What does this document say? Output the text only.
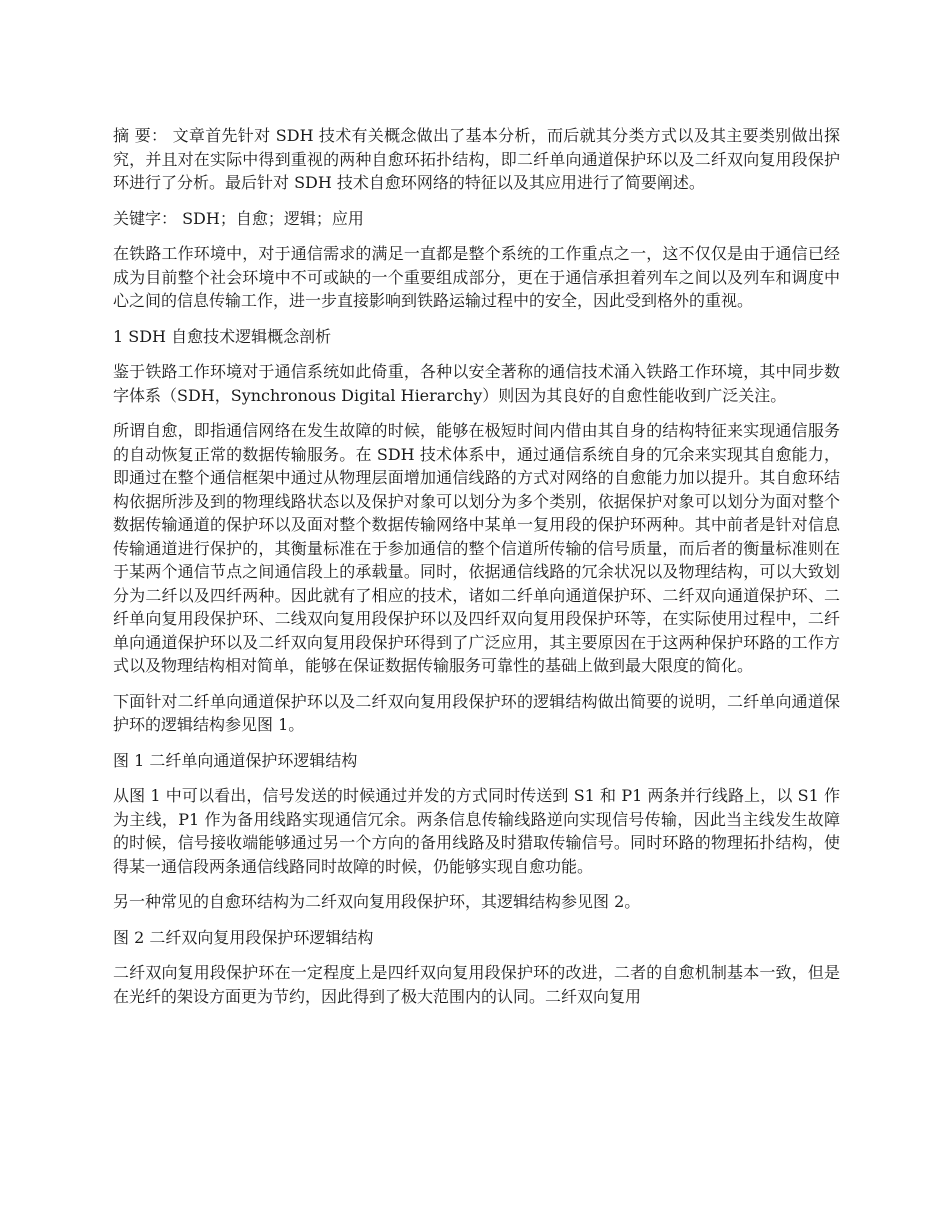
摘 要： 文章首先针对 SDH 技术有关概念做出了基本分析，而后就其分类方式以及其主要类别做出探究，并且对在实际中得到重视的两种自愈环拓扑结构，即二纤单向通道保护环以及二纤双向复用段保护环进行了分析。最后针对 SDH 技术自愈环网络的特征以及其应用进行了简要阐述。

关键字： SDH；自愈；逻辑；应用

在铁路工作环境中，对于通信需求的满足一直都是整个系统的工作重点之一，这不仅仅是由于通信已经成为目前整个社会环境中不可或缺的一个重要组成部分，更在于通信承担着列车之间以及列车和调度中心之间的信息传输工作，进一步直接影响到铁路运输过程中的安全，因此受到格外的重视。

1 SDH 自愈技术逻辑概念剖析

鉴于铁路工作环境对于通信系统如此倚重，各种以安全著称的通信技术涌入铁路工作环境，其中同步数字体系（SDH，Synchronous Digital Hierarchy）则因为其良好的自愈性能收到广泛关注。

所谓自愈，即指通信网络在发生故障的时候，能够在极短时间内借由其自身的结构特征来实现通信服务的自动恢复正常的数据传输服务。在 SDH 技术体系中，通过通信系统自身的冗余来实现其自愈能力，即通过在整个通信框架中通过从物理层面增加通信线路的方式对网络的自愈能力加以提升。其自愈环结构依据所涉及到的物理线路状态以及保护对象可以划分为多个类别，依据保护对象可以划分为面对整个数据传输通道的保护环以及面对整个数据传输网络中某单一复用段的保护环两种。其中前者是针对信息传输通道进行保护的，其衡量标准在于参加通信的整个信道所传输的信号质量，而后者的衡量标准则在于某两个通信节点之间通信段上的承载量。同时，依据通信线路的冗余状况以及物理结构，可以大致划分为二纤以及四纤两种。因此就有了相应的技术，诸如二纤单向通道保护环、二纤双向通道保护环、二纤单向复用段保护环、二线双向复用段保护环以及四纤双向复用段保护环等，在实际使用过程中，二纤单向通道保护环以及二纤双向复用段保护环得到了广泛应用，其主要原因在于这两种保护环路的工作方式以及物理结构相对简单，能够在保证数据传输服务可靠性的基础上做到最大限度的简化。

下面针对二纤单向通道保护环以及二纤双向复用段保护环的逻辑结构做出简要的说明，二纤单向通道保护环的逻辑结构参见图 1。

图 1 二纤单向通道保护环逻辑结构

从图 1 中可以看出，信号发送的时候通过并发的方式同时传送到 S1 和 P1 两条并行线路上，以 S1 作为主线，P1 作为备用线路实现通信冗余。两条信息传输线路逆向实现信号传输，因此当主线发生故障的时候，信号接收端能够通过另一个方向的备用线路及时猎取传输信号。同时环路的物理拓扑结构，使得某一通信段两条通信线路同时故障的时候，仍能够实现自愈功能。

另一种常见的自愈环结构为二纤双向复用段保护环，其逻辑结构参见图 2。

图 2 二纤双向复用段保护环逻辑结构

二纤双向复用段保护环在一定程度上是四纤双向复用段保护环的改进，二者的自愈机制基本一致，但是在光纤的架设方面更为节约，因此得到了极大范围内的认同。二纤双向复用
